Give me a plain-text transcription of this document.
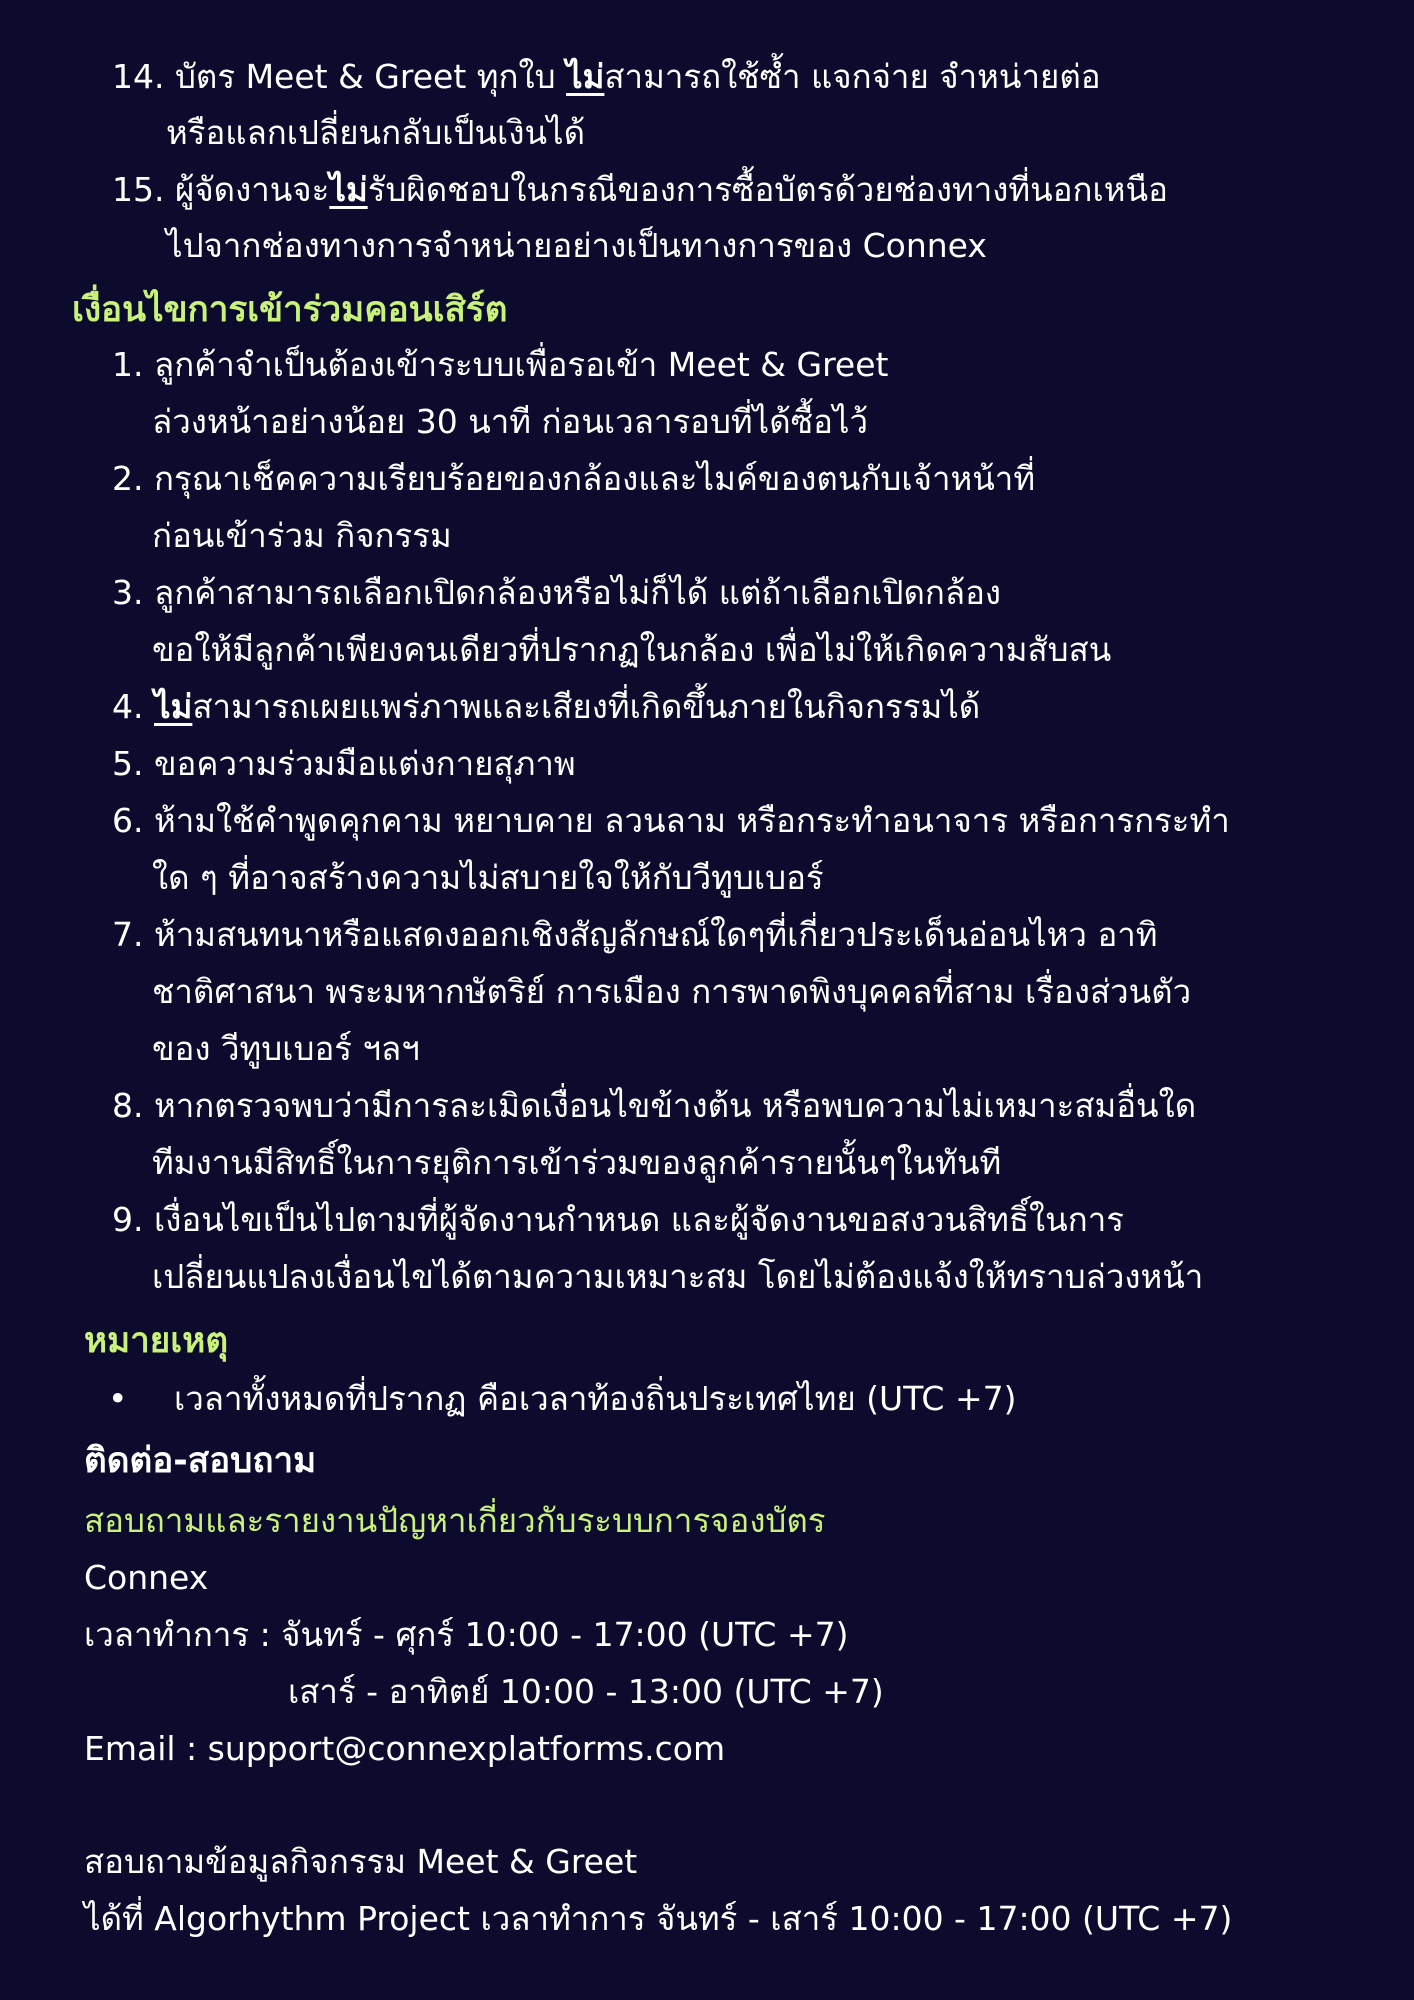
14. บัตร Meet & Greet ทุกใบ ไม่สามารถใช้ซ้ำ แจกจ่าย จำหน่ายต่อ
หรือแลกเปลี่ยนกลับเป็นเงินได้
15. ผู้จัดงานจะไม่รับผิดชอบในกรณีของการซื้อบัตรด้วยช่องทางที่นอกเหนือ
ไปจากช่องทางการจำหน่ายอย่างเป็นทางการของ Connex
เงื่อนไขการเข้าร่วมคอนเสิร์ต
1. ลูกค้าจำเป็นต้องเข้าระบบเพื่อรอเข้า Meet & Greet
ล่วงหน้าอย่างน้อย 30 นาที ก่อนเวลารอบที่ได้ซื้อไว้
2. กรุณาเช็คความเรียบร้อยของกล้องและไมค์ของตนกับเจ้าหน้าที่
ก่อนเข้าร่วม กิจกรรม
3. ลูกค้าสามารถเลือกเปิดกล้องหรือไม่ก็ได้ แต่ถ้าเลือกเปิดกล้อง
ขอให้มีลูกค้าเพียงคนเดียวที่ปรากฏในกล้อง เพื่อไม่ให้เกิดความสับสน
4. ไม่สามารถเผยแพร่ภาพและเสียงที่เกิดขึ้นภายในกิจกรรมได้
5. ขอความร่วมมือแต่งกายสุภาพ
6. ห้ามใช้คำพูดคุกคาม หยาบคาย ลวนลาม หรือกระทำอนาจาร หรือการกระทำ
ใด ๆ ที่อาจสร้างความไม่สบายใจให้กับวีทูบเบอร์
7. ห้ามสนทนาหรือแสดงออกเชิงสัญลักษณ์ใดๆที่เกี่ยวประเด็นอ่อนไหว อาทิ
ชาติศาสนา พระมหากษัตริย์ การเมือง การพาดพิงบุคคลที่สาม เรื่องส่วนตัว
ของ วีทูบเบอร์ ฯลฯ
8. หากตรวจพบว่ามีการละเมิดเงื่อนไขข้างต้น หรือพบความไม่เหมาะสมอื่นใด
ทีมงานมีสิทธิ์ในการยุติการเข้าร่วมของลูกค้ารายนั้นๆในทันที
9. เงื่อนไขเป็นไปตามที่ผู้จัดงานกำหนด และผู้จัดงานขอสงวนสิทธิ์ในการ
เปลี่ยนแปลงเงื่อนไขได้ตามความเหมาะสม โดยไม่ต้องแจ้งให้ทราบล่วงหน้า
หมายเหตุ
• เวลาทั้งหมดที่ปรากฏ คือเวลาท้องถิ่นประเทศไทย (UTC +7)
ติดต่อ-สอบถาม
สอบถามและรายงานปัญหาเกี่ยวกับระบบการจองบัตร
Connex
เวลาทำการ : จันทร์ - ศุกร์ 10:00 - 17:00 (UTC +7)
เสาร์ - อาทิตย์ 10:00 - 13:00 (UTC +7)
Email : support@connexplatforms.com
สอบถามข้อมูลกิจกรรม Meet & Greet
ได้ที่ Algorhythm Project เวลาทำการ จันทร์ - เสาร์ 10:00 - 17:00 (UTC +7)
